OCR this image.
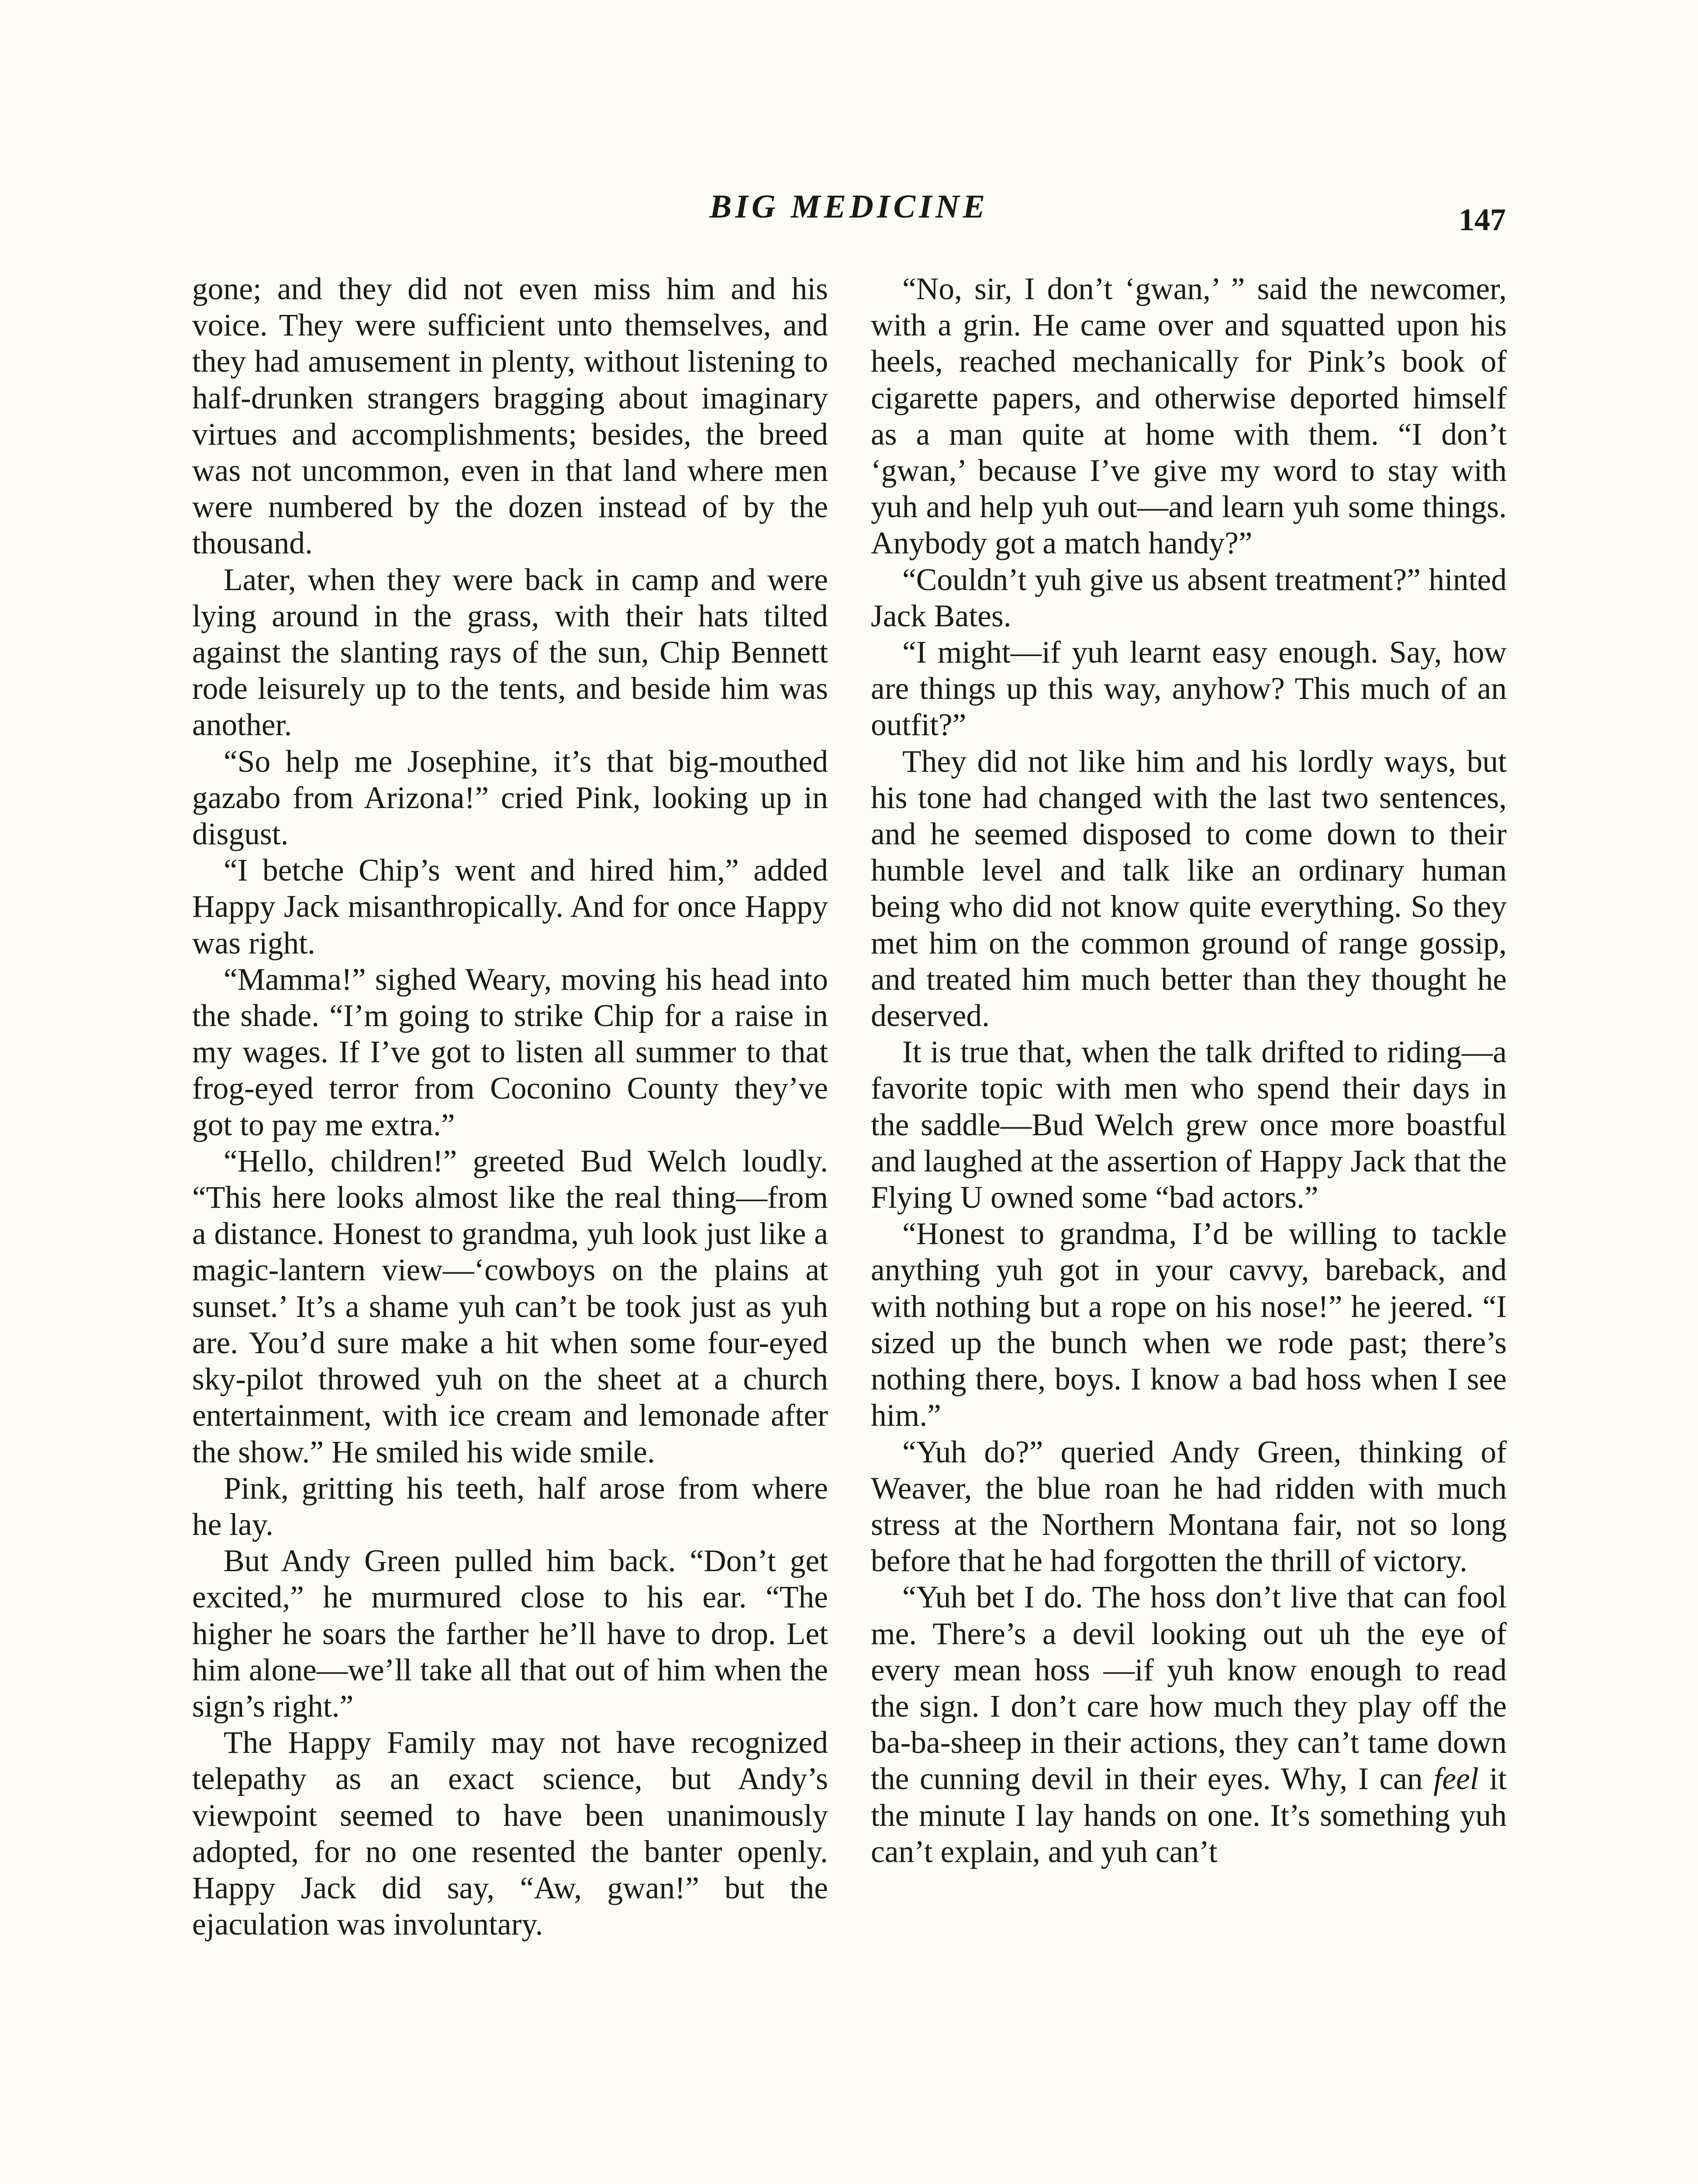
BIG MEDICINE	147

gone; and they did not even miss him and his voice. They were sufficient unto themselves, and they had amusement in plenty, without listening to half-drunken strangers bragging about imaginary virtues and accomplishments; besides, the breed was not uncommon, even in that land where men were numbered by the dozen instead of by the thousand.

Later, when they were back in camp and were lying around in the grass, with their hats tilted against the slanting rays of the sun, Chip Bennett rode leisurely up to the tents, and beside him was another.

“So help me Josephine, it’s that big-mouthed gazabo from Arizona!” cried Pink, looking up in disgust.

“I betche Chip’s went and hired him,” added Happy Jack misanthropically. And for once Happy was right.

“Mamma!” sighed Weary, moving his head into the shade. “I’m going to strike Chip for a raise in my wages. If I’ve got to listen all summer to that frog-eyed terror from Coconino County they’ve got to pay me extra.”

“Hello, children!” greeted Bud Welch loudly. “This here looks almost like the real thing—from a distance. Honest to grandma, yuh look just like a magic-lantern view—‘cowboys on the plains at sunset.’ It’s a shame yuh can’t be took just as yuh are. You’d sure make a hit when some four-eyed sky-pilot throwed yuh on the sheet at a church entertainment, with ice cream and lemonade after the show.” He smiled his wide smile.

Pink, gritting his teeth, half arose from where he lay.

But Andy Green pulled him back. “Don’t get excited,” he murmured close to his ear. “The higher he soars the farther he’ll have to drop. Let him alone—we’ll take all that out of him when the sign’s right.”

The Happy Family may not have recognized telepathy as an exact science, but Andy’s viewpoint seemed to have been unanimously adopted, for no one resented the banter openly. Happy Jack did say, “Aw, gwan!” but the ejaculation was involuntary.

“No, sir, I don’t ‘gwan,’ ” said the newcomer, with a grin. He came over and squatted upon his heels, reached mechanically for Pink’s book of cigarette papers, and otherwise deported himself as a man quite at home with them. “I don’t ‘gwan,’ because I’ve give my word to stay with yuh and help yuh out—and learn yuh some things. Anybody got a match handy?”

“Couldn’t yuh give us absent treatment?” hinted Jack Bates.

“I might—if yuh learnt easy enough. Say, how are things up this way, anyhow? This much of an outfit?”

They did not like him and his lordly ways, but his tone had changed with the last two sentences, and he seemed disposed to come down to their humble level and talk like an ordinary human being who did not know quite everything. So they met him on the common ground of range gossip, and treated him much better than they thought he deserved.

It is true that, when the talk drifted to riding—a favorite topic with men who spend their days in the saddle—Bud Welch grew once more boastful and laughed at the assertion of Happy Jack that the Flying U owned some “bad actors.”

“Honest to grandma, I’d be willing to tackle anything yuh got in your cavvy, bareback, and with nothing but a rope on his nose!” he jeered. “I sized up the bunch when we rode past; there’s nothing there, boys. I know a bad hoss when I see him.”

“Yuh do?” queried Andy Green, thinking of Weaver, the blue roan he had ridden with much stress at the Northern Montana fair, not so long before that he had forgotten the thrill of victory.

“Yuh bet I do. The hoss don’t live that can fool me. There’s a devil looking out uh the eye of every mean hoss —if yuh know enough to read the sign. I don’t care how much they play off the ba-ba-sheep in their actions, they can’t tame down the cunning devil in their eyes. Why, I can feel it the minute I lay hands on one. It’s something yuh can’t explain, and yuh can’t
